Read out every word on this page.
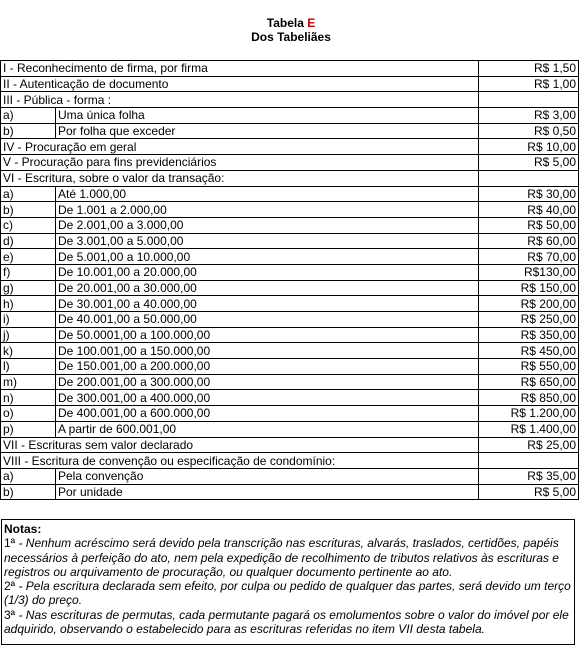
Tabela E
Dos Tabeliães
I - Reconhecimento de firma, por firma		R$ 1,50
II - Autenticação de documento		R$ 1,00
III - Pública - forma :		
a)	Uma única folha	R$ 3,00
b)	Por folha que exceder	R$ 0,50
IV - Procuração em geral		R$ 10,00
V - Procuração para fins previdenciários		R$ 5,00
VI - Escritura, sobre o valor da transação:		
a)	Até 1.000,00	R$ 30,00
b)	De 1.001 a 2.000,00	R$ 40,00
c)	De 2.001,00 a 3.000,00	R$ 50,00
d)	De 3.001,00 a 5.000,00	R$ 60,00
e)	De 5.001,00 a 10.000,00	R$ 70,00
f)	De 10.001,00 a 20.000,00	R$130,00
g)	De 20.001,00 a 30.000,00	R$ 150,00
h)	De 30.001,00 a 40.000,00	R$ 200,00
i)	De 40.001,00 a 50.000,00	R$ 250,00
j)	De 50.0001,00 a 100.000,00	R$ 350,00
k)	De 100.001,00 a 150.000,00	R$ 450,00
l)	De 150.001,00 a 200.000,00	R$ 550,00
m)	De 200.001,00 a 300.000,00	R$ 650,00
n)	De 300.001,00 a 400.000,00	R$ 850,00
o)	De 400.001,00 a 600.000,00	R$ 1.200,00
p)	A partir de 600.001,00	R$ 1.400,00
VII - Escrituras sem valor declarado		R$ 25,00
VIII - Escritura de convenção ou especificação de condomínio:		
a)	Pela convenção	R$ 35,00
b)	Por unidade	R$ 5,00
Notas:
1ª - Nenhum acréscimo será devido pela transcrição nas escrituras, alvarás, traslados, certidões, papéis necessários à perfeição do ato, nem pela expedição de recolhimento de tributos relativos às escrituras e registros ou arquivamento de procuração, ou qualquer documento pertinente ao ato.
2ª - Pela escritura declarada sem efeito, por culpa ou pedido de qualquer das partes, será devido um terço (1/3) do preço.
3ª - Nas escrituras de permutas, cada permutante pagará os emolumentos sobre o valor do imóvel por ele adquirido, observando o estabelecido para as escrituras referidas no item VII desta tabela.
